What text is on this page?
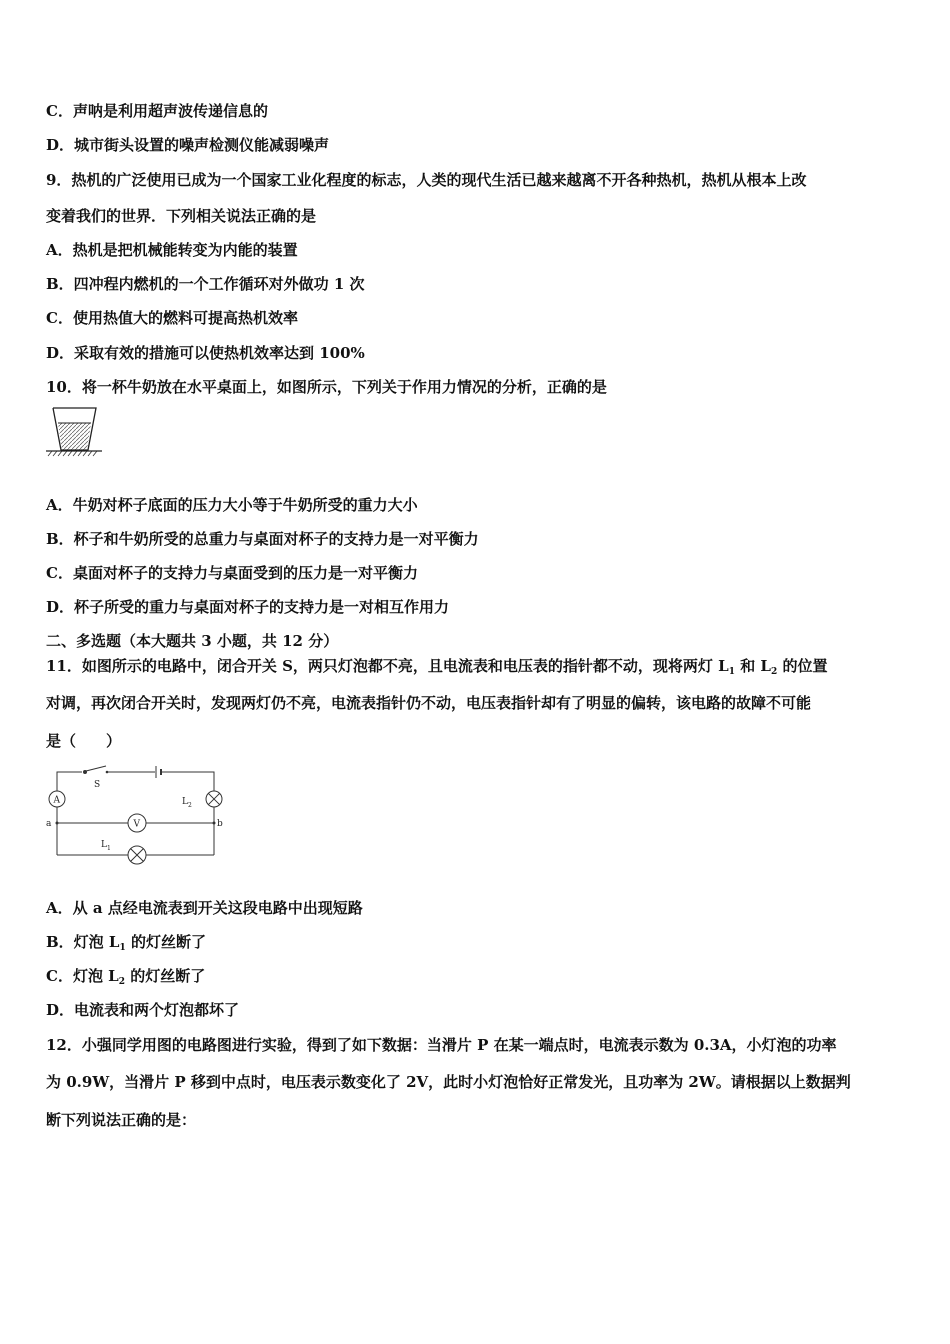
C．声呐是利用超声波传递信息的
D．城市街头设置的噪声检测仪能减弱噪声
9．热机的广泛使用已成为一个国家工业化程度的标志，人类的现代生活已越来越离不开各种热机，热机从根本上改
变着我们的世界．下列相关说法正确的是
A．热机是把机械能转变为内能的装置
B．四冲程内燃机的一个工作循环对外做功 1 次
C．使用热值大的燃料可提高热机效率
D．采取有效的措施可以使热机效率达到 100%
10．将一杯牛奶放在水平桌面上，如图所示，下列关于作用力情况的分析，正确的是
A．牛奶对杯子底面的压力大小等于牛奶所受的重力大小
B．杯子和牛奶所受的总重力与桌面对杯子的支持力是一对平衡力
C．桌面对杯子的支持力与桌面受到的压力是一对平衡力
D．杯子所受的重力与桌面对杯子的支持力是一对相互作用力
二、多选题（本大题共 3 小题，共 12 分）
11．如图所示的电路中，闭合开关 S，两只灯泡都不亮，且电流表和电压表的指针都不动，现将两灯 $L_1$ 和 $L_2$ 的位置
对调，再次闭合开关时，发现两灯仍不亮，电流表指针仍不动，电压表指针却有了明显的偏转，该电路的故障不可能
是（　　）
S
A	$L_2$
V
a	b
$L_1$
A．从 a 点经电流表到开关这段电路中出现短路
B．灯泡 $L_1$ 的灯丝断了
C．灯泡 $L_2$ 的灯丝断了
D．电流表和两个灯泡都坏了
12．小强同学用图的电路图进行实验，得到了如下数据：当滑片 P 在某一端点时，电流表示数为 0.3A，小灯泡的功率
为 0.9W，当滑片 P 移到中点时，电压表示数变化了 2V，此时小灯泡恰好正常发光，且功率为 2W。请根据以上数据判
断下列说法正确的是：
